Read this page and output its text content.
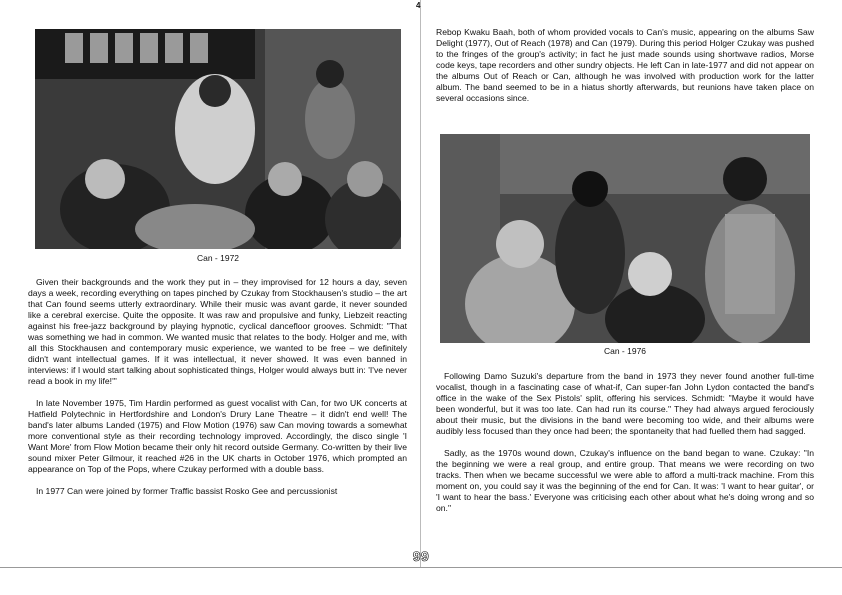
4
Can - 1972

Given their backgrounds and the work they put in – they improvised for 12 hours a day, seven days a week, recording everything on tapes pinched by Czukay from Stockhausen's studio – the art that Can found seems utterly extraordinary. While their music was avant garde, it never sounded like a cerebral exercise. Quite the opposite. It was raw and propulsive and funky, Liebzeit reacting against his free-jazz background by playing hypnotic, cyclical dancefloor grooves. Schmidt: "That was something we had in common. We wanted music that relates to the body. Holger and me, with all this Stockhausen and contemporary music experience, we wanted to be free – we definitely didn't want intellectual games. If it was intellectual, it never showed. It was even banned in interviews: if I would start talking about sophisticated things, Holger would always butt in: 'I've never read a book in my life!'"

In late November 1975, Tim Hardin performed as guest vocalist with Can, for two UK concerts at Hatfield Polytechnic in Hertfordshire and London's Drury Lane Theatre – it didn't end well! The band's later albums Landed (1975) and Flow Motion (1976) saw Can moving towards a somewhat more conventional style as their recording technology improved. Accordingly, the disco single 'I Want More' from Flow Motion became their only hit record outside Germany. Co-written by their live sound mixer Peter Gilmour, it reached #26 in the UK charts in October 1976, which prompted an appearance on Top of the Pops, where Czukay performed with a double bass.

In 1977 Can were joined by former Traffic bassist Rosko Gee and percussionist

Rebop Kwaku Baah, both of whom provided vocals to Can's music, appearing on the albums Saw Delight (1977), Out of Reach (1978) and Can (1979). During this period Holger Czukay was pushed to the fringes of the group's activity; in fact he just made sounds using shortwave radios, Morse code keys, tape recorders and other sundry objects. He left Can in late-1977 and did not appear on the albums Out of Reach or Can, although he was involved with production work for the latter album. The band seemed to be in a hiatus shortly afterwards, but reunions have taken place on several occasions since.

Can - 1976

Following Damo Suzuki's departure from the band in 1973 they never found another full-time vocalist, though in a fascinating case of what-if, Can super-fan John Lydon contacted the band's office in the wake of the Sex Pistols' split, offering his services. Schmidt: "Maybe it would have been wonderful, but it was too late. Can had run its course." They had always argued ferociously about their music, but the divisions in the band were becoming too wide, and their albums were audibly less focused than they once had been; the spontaneity that had fuelled them had sagged.

Sadly, as the 1970s wound down, Czukay's influence on the band began to wane. Czukay: "In the beginning we were a real group, and entire group. That means we were recording on two tracks. Then when we became successful we were able to afford a multi-track machine. From this moment on, you could say it was the beginning of the end for Can. It was: 'I want to hear guitar', or 'I want to hear the bass.' Everyone was criticising each other about what he's doing wrong and so on."

99
